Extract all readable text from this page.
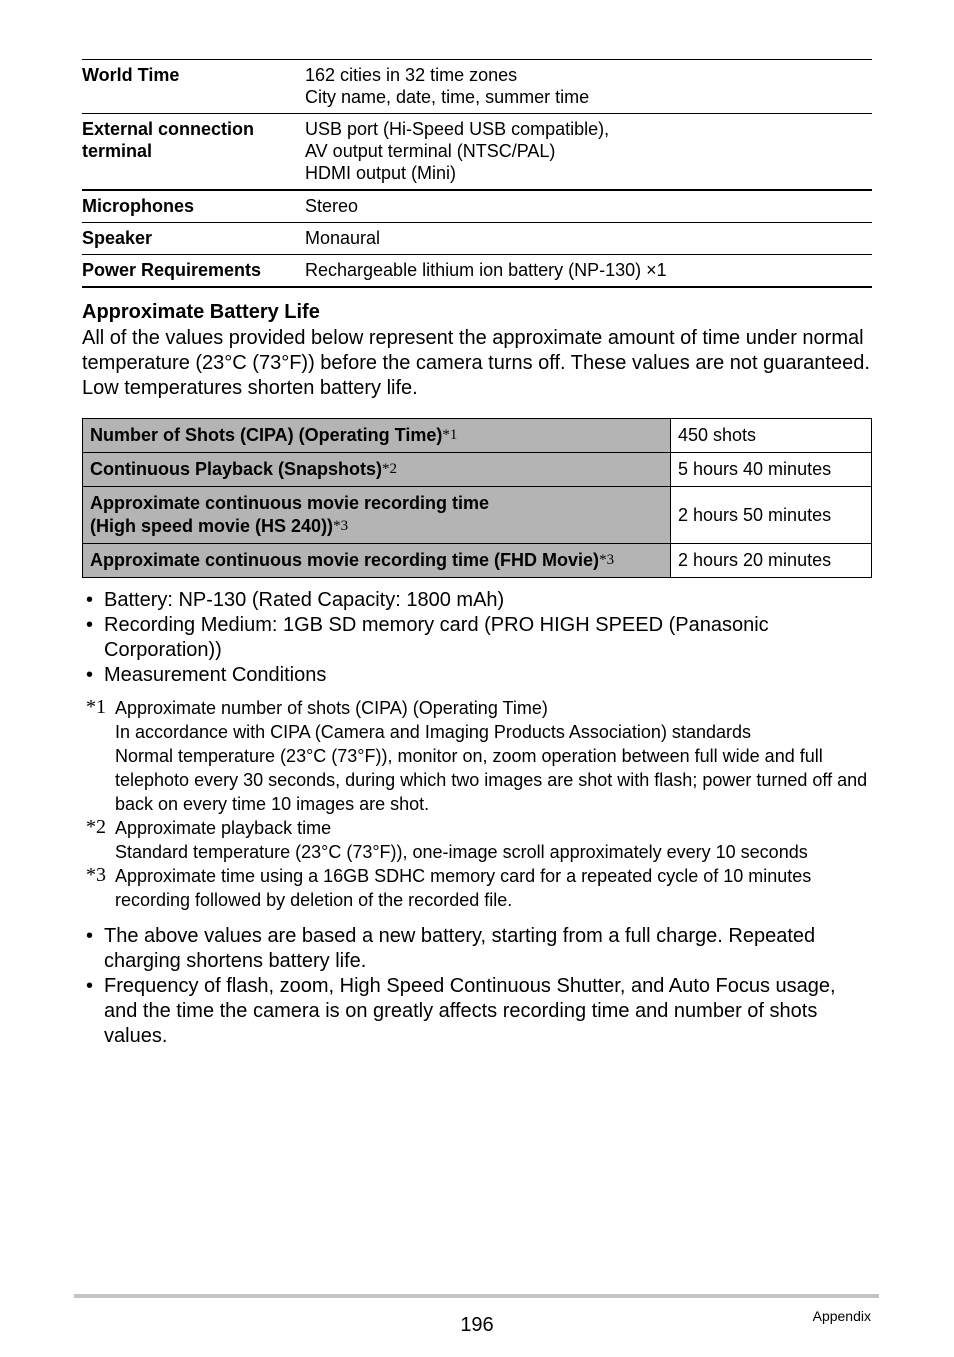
World Time	162 cities in 32 time zones
City name, date, time, summer time

External connection
terminal	USB port (Hi-Speed USB compatible),
AV output terminal (NTSC/PAL)
HDMI output (Mini)

Microphones	Stereo
Speaker	Monaural
Power Requirements	Rechargeable lithium ion battery (NP-130) ×1
Approximate Battery Life

All of the values provided below represent the approximate amount of time under normal temperature (23°C (73°F)) before the camera turns off. These values are not guaranteed. Low temperatures shorten battery life.

Number of Shots (CIPA) (Operating Time)*1	450 shots
Continuous Playback (Snapshots)*2	5 hours 40 minutes

Approximate continuous movie recording time
(High speed movie (HS 240))*3	2 hours 50 minutes
Approximate continuous movie recording time (FHD Movie)*3	2 hours 20 minutes
• Battery: NP-130 (Rated Capacity: 1800 mAh)
• Recording Medium: 1GB SD memory card (PRO HIGH SPEED (Panasonic Corporation))
• Measurement Conditions
*1 Approximate number of shots (CIPA) (Operating Time)
In accordance with CIPA (Camera and Imaging Products Association) standards
Normal temperature (23°C (73°F)), monitor on, zoom operation between full wide and full telephoto every 30 seconds, during which two images are shot with flash; power turned off and back on every time 10 images are shot.
*2 Approximate playback time
Standard temperature (23°C (73°F)), one-image scroll approximately every 10 seconds
*3 Approximate time using a 16GB SDHC memory card for a repeated cycle of 10 minutes recording followed by deletion of the recorded file.
• The above values are based a new battery, starting from a full charge. Repeated charging shortens battery life.
• Frequency of flash, zoom, High Speed Continuous Shutter, and Auto Focus usage, and the time the camera is on greatly affects recording time and number of shots values.
196	Appendix
